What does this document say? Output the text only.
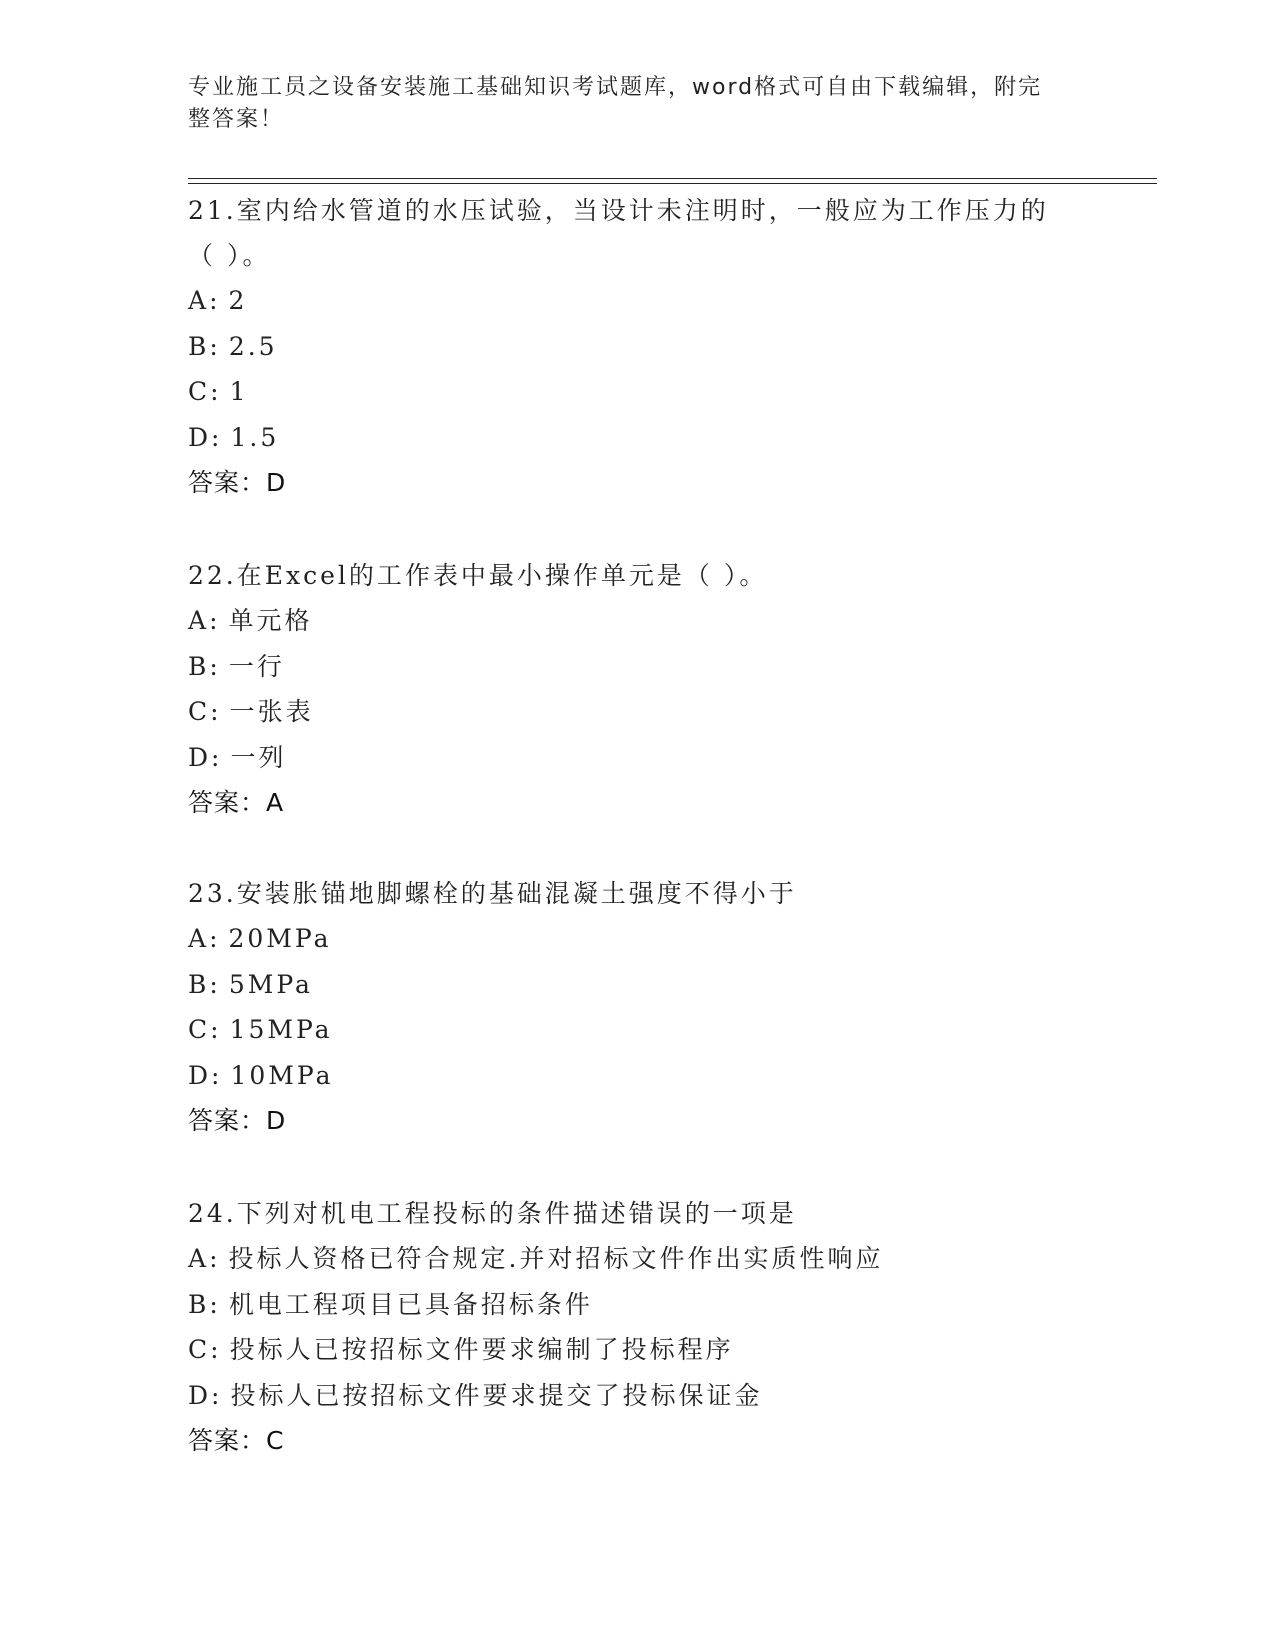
专业施工员之设备安装施工基础知识考试题库，word格式可自由下载编辑，附完
整答案！

21.室内给水管道的水压试验，当设计未注明时，一般应为工作压力的

（ ）。

A: 2

B: 2.5

C: 1

D: 1.5

答案：D

22.在Excel的工作表中最小操作单元是（ ）。

A: 单元格

B: 一行

C: 一张表

D: 一列

答案：A

23.安装胀锚地脚螺栓的基础混凝土强度不得小于

A: 20MPa

B: 5MPa

C: 15MPa

D: 10MPa

答案：D

24.下列对机电工程投标的条件描述错误的一项是

A: 投标人资格已符合规定.并对招标文件作出实质性响应

B: 机电工程项目已具备招标条件

C: 投标人已按招标文件要求编制了投标程序

D: 投标人已按招标文件要求提交了投标保证金

答案：C
